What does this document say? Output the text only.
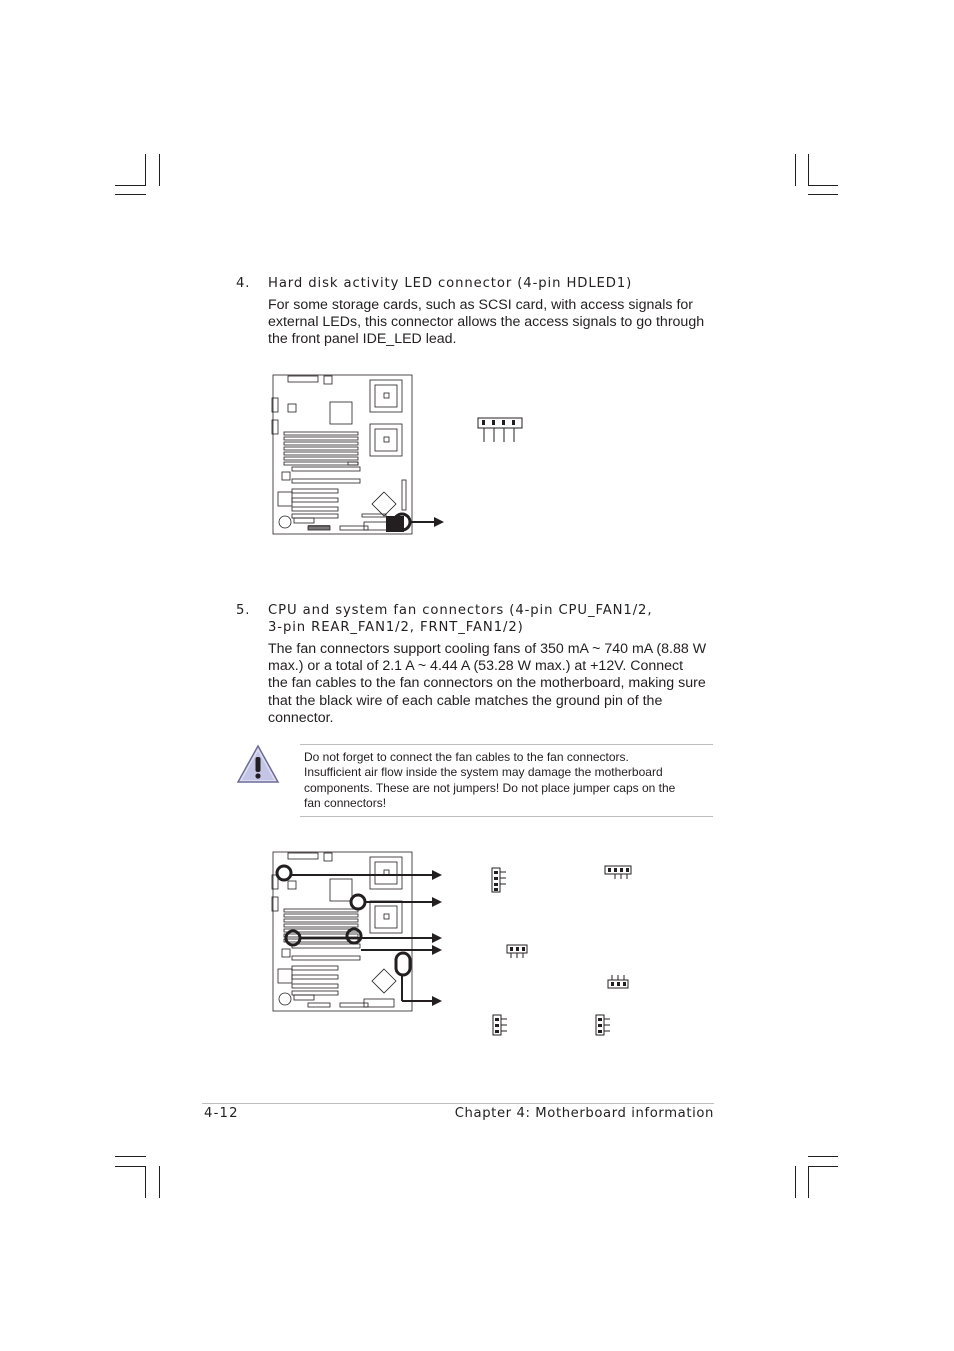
4. Hard disk activity LED connector (4-pin HDLED1)

For some storage cards, such as SCSI card, with access signals for
external LEDs, this connector allows the access signals to go through
the front panel IDE_LED lead.

5. CPU and system fan connectors (4-pin CPU_FAN1/2,
3-pin REAR_FAN1/2, FRNT_FAN1/2)

The fan connectors support cooling fans of 350 mA ~ 740 mA (8.88 W
max.) or a total of 2.1 A ~ 4.44 A (53.28 W max.) at +12V. Connect
the fan cables to the fan connectors on the motherboard, making sure
that the black wire of each cable matches the ground pin of the
connector.

Do not forget to connect the fan cables to the fan connectors.
Insufficient air flow inside the system may damage the motherboard
components. These are not jumpers! Do not place jumper caps on the
fan connectors!

4-12	Chapter 4: Motherboard information
